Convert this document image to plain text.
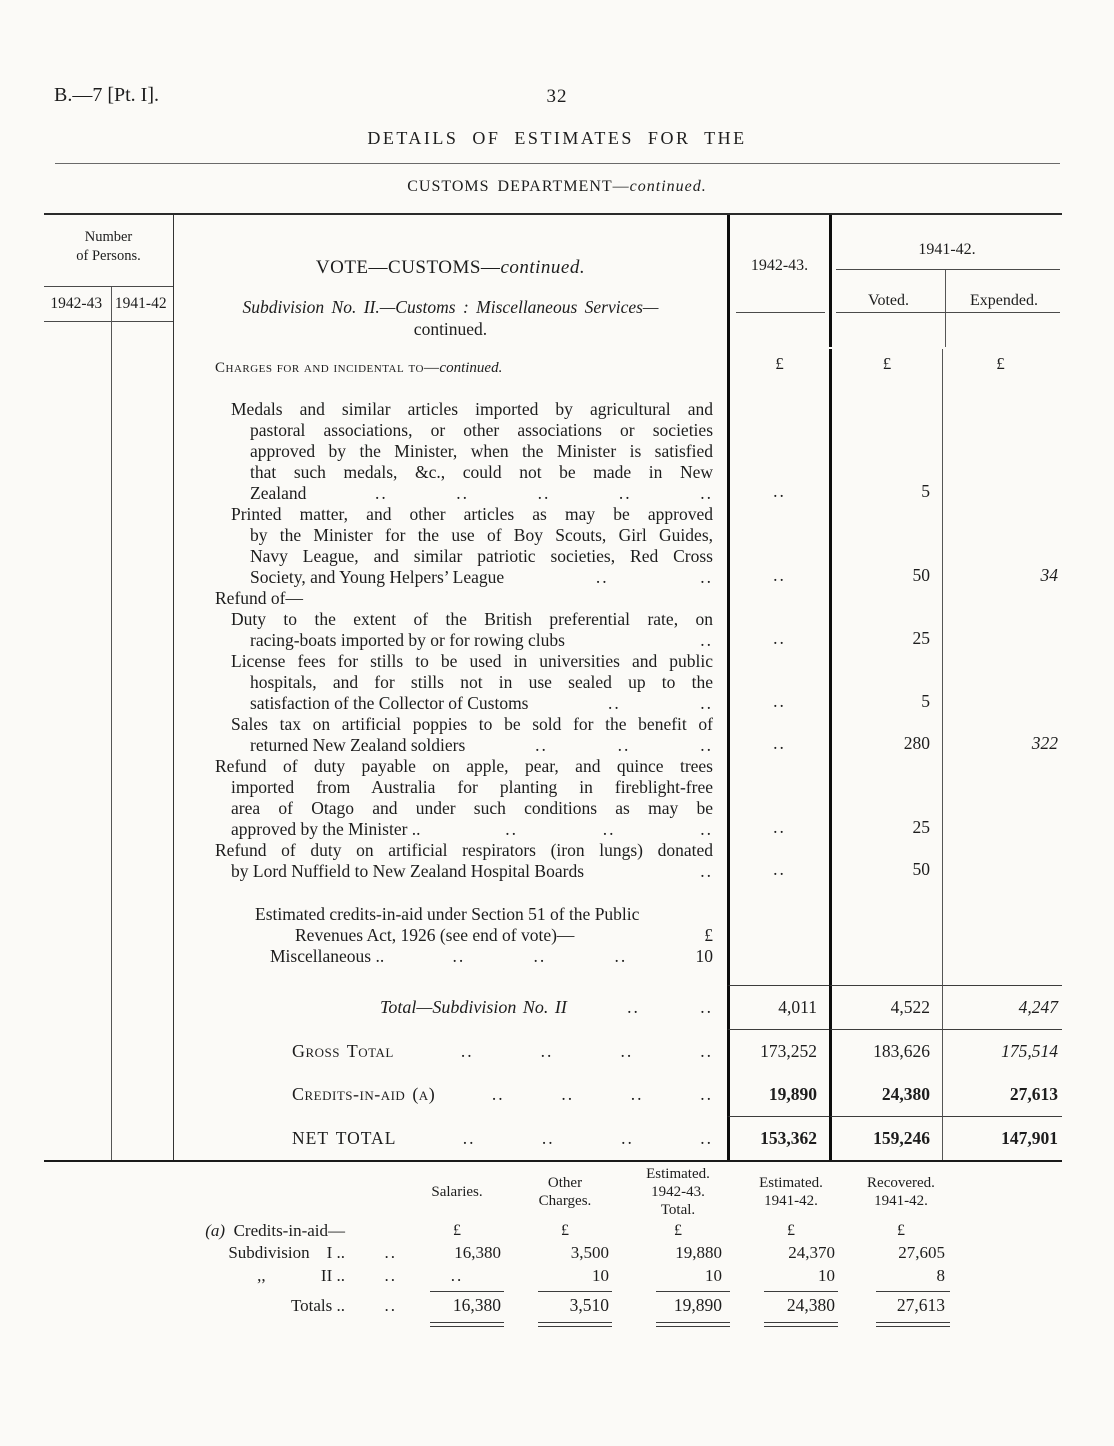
B.—7 [Pt. I].	32
DETAILS OF ESTIMATES FOR THE
CUSTOMS DEPARTMENT—continued.
Number
of Persons.
1942-43 1941-42
VOTE—CUSTOMS—continued.
Subdivision No. II.—Customs : Miscellaneous Services—
continued.
1942-43.
1941-42.
Voted.	Expended.
Charges for and incidental to—continued.	£	£	£
Medals and similar articles imported by agricultural and
pastoral associations, or other associations or societies
approved by the Minister, when the Minister is satisfied
that such medals, &c., could not be made in New
Zealand	..	..	..	..	..	..	5
Printed matter, and other articles as may be approved
by the Minister for the use of Boy Scouts, Girl Guides,
Navy League, and similar patriotic societies, Red Cross
Society, and Young Helpers’ League	..	..	..	50	34
Refund of—
Duty to the extent of the British preferential rate, on
racing-boats imported by or for rowing clubs	..	..	25
License fees for stills to be used in universities and public
hospitals, and for stills not in use sealed up to the
satisfaction of the Collector of Customs	..	..	..	5
Sales tax on artificial poppies to be sold for the benefit of
returned New Zealand soldiers	..	..	..	..	280	322
Refund of duty payable on apple, pear, and quince trees
imported from Australia for planting in fireblight-free
area of Otago and under such conditions as may be
approved by the Minister ..	..	..	..	..	25
Refund of duty on artificial respirators (iron lungs) donated
by Lord Nuffield to New Zealand Hospital Boards	..	..	50
Estimated credits-in-aid under Section 51 of the Public
Revenues Act, 1926 (see end of vote)—	£
Miscellaneous ..	..	..	..	10
Total—Subdivision No. II	..	..	4,011	4,522	4,247
Gross Total	..	..	..	..	173,252	183,626	175,514
Credits-in-aid (a)	..	..	..	..	19,890	24,380	27,613
NET TOTAL	..	..	..	..	153,362	159,246	147,901
Salaries.
Other
Charges.
Estimated.
1942-43.
Total.
Estimated.
1941-42.
Recovered.
1941-42.
(a)  Credits-in-aid—	£	£	£	£	£
Subdivision    I ..	..	16,380	3,500	19,880	24,370	27,605
,,             II ..	..	..	10	10	10	8
Totals ..	..	16,380	3,510	19,890	24,380	27,613
